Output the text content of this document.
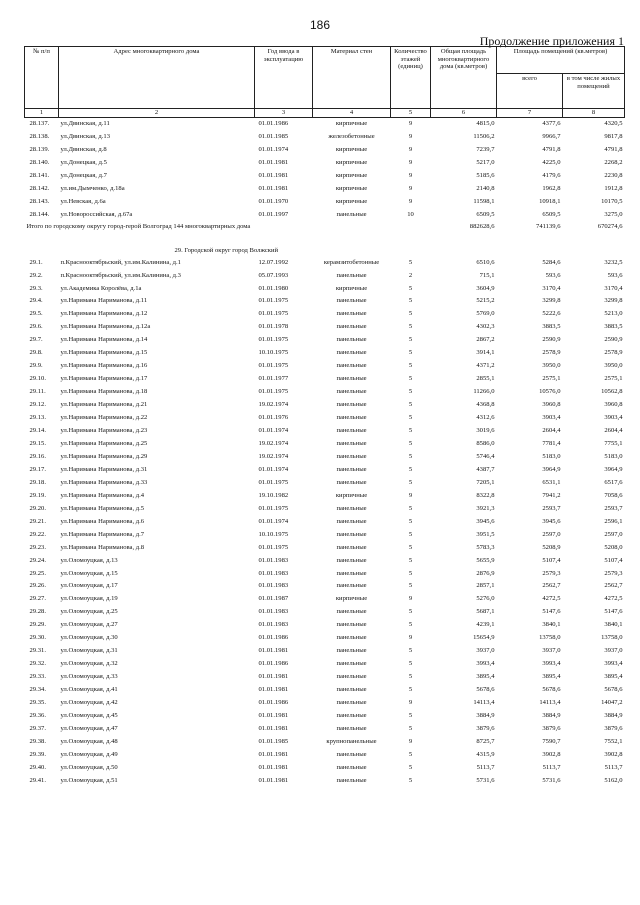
186
Продолжение приложения 1
№ п/п	Адрес многоквартирного дома	Год ввода в эксплуатацию	Материал стен	Количество этажей (единиц)	Общая площадь многоквартирного дома (кв.метров)	Площадь помещений (кв.метров)	
						всего	в том числе жилых помещений
1	2	3	4	5	6	7	8
28.137.	ул.Двинская, д.11	01.01.1986	кирпичные	9	4815,0	4377,6	4320,5
28.138.	ул.Двинская, д.13	01.01.1985	железобетонные	9	11506,2	9966,7	9817,8
28.139.	ул.Двинская, д.8	01.01.1974	кирпичные	9	7239,7	4791,8	4791,8
28.140.	ул.Донецкая, д.5	01.01.1981	кирпичные	9	5217,0	4225,0	2268,2
28.141.	ул.Донецкая, д.7	01.01.1981	кирпичные	9	5185,6	4179,6	2230,8
28.142.	ул.им.Дымченко, д.18а	01.01.1981	кирпичные	9	2140,8	1962,8	1912,8
28.143.	ул.Невская, д.6а	01.01.1970	кирпичные	9	11598,1	10918,1	10170,5
28.144.	ул.Новороссийская, д.67а	01.01.1997	панельные	10	6509,5	6509,5	3275,0
Итого по городскому округу город-герой Волгоград 144 многоквартирных дома					882628,6	741139,6	670274,6
29. Городской округ город Волжский							
29.1.	п.Краснооктябрьский, ул.им.Калинина, д.1	12.07.1992	керамзитобетонные	5	6510,6	5284,6	3232,5
29.2.	п.Краснооктябрьский, ул.им.Калинина, д.3	05.07.1993	панельные	2	715,1	593,6	593,6
29.3.	ул.Академика Королёва, д.1а	01.01.1980	кирпичные	5	3604,9	3170,4	3170,4
29.4.	ул.Наримана Нариманова, д.11	01.01.1975	панельные	5	5215,2	3299,8	3299,8
29.5.	ул.Наримана Нариманова, д.12	01.01.1975	панельные	5	5769,0	5222,6	5213,0
29.6.	ул.Наримана Нариманова, д.12а	01.01.1978	панельные	5	4302,3	3883,5	3883,5
29.7.	ул.Наримана Нариманова, д.14	01.01.1975	панельные	5	2867,2	2590,9	2590,9
29.8.	ул.Наримана Нариманова, д.15	10.10.1975	панельные	5	3914,1	2578,9	2578,9
29.9.	ул.Наримана Нариманова, д.16	01.01.1975	панельные	5	4371,2	3950,0	3950,0
29.10.	ул.Наримана Нариманова, д.17	01.01.1977	панельные	5	2855,1	2575,1	2575,1
29.11.	ул.Наримана Нариманова, д.18	01.01.1975	панельные	5	11266,0	10576,0	10562,8
29.12.	ул.Наримана Нариманова, д.21	19.02.1974	панельные	5	4368,8	3960,8	3960,8
29.13.	ул.Наримана Нариманова, д.22	01.01.1976	панельные	5	4312,6	3903,4	3903,4
29.14.	ул.Наримана Нариманова, д.23	01.01.1974	панельные	5	3019,6	2604,4	2604,4
29.15.	ул.Наримана Нариманова, д.25	19.02.1974	панельные	5	8586,0	7781,4	7755,1
29.16.	ул.Наримана Нариманова, д.29	19.02.1974	панельные	5	5746,4	5183,0	5183,0
29.17.	ул.Наримана Нариманова, д.31	01.01.1974	панельные	5	4387,7	3964,9	3964,9
29.18.	ул.Наримана Нариманова, д.33	01.01.1975	панельные	5	7205,1	6531,1	6517,6
29.19.	ул.Наримана Нариманова, д.4	19.10.1982	кирпичные	9	8322,8	7941,2	7058,6
29.20.	ул.Наримана Нариманова, д.5	01.01.1975	панельные	5	3921,3	2593,7	2593,7
29.21.	ул.Наримана Нариманова, д.6	01.01.1974	панельные	5	3945,6	3945,6	2596,1
29.22.	ул.Наримана Нариманова, д.7	10.10.1975	панельные	5	3951,5	2597,0	2597,0
29.23.	ул.Наримана Нариманова, д.8	01.01.1975	панельные	5	5783,3	5208,9	5208,0
29.24.	ул.Оломоуцкая, д.13	01.01.1983	панельные	5	5655,9	5107,4	5107,4
29.25.	ул.Оломоуцкая, д.15	01.01.1983	панельные	5	2876,9	2579,3	2579,3
29.26.	ул.Оломоуцкая, д.17	01.01.1983	панельные	5	2857,1	2562,7	2562,7
29.27.	ул.Оломоуцкая, д.19	01.01.1987	кирпичные	9	5276,0	4272,5	4272,5
29.28.	ул.Оломоуцкая, д.25	01.01.1983	панельные	5	5687,1	5147,6	5147,6
29.29.	ул.Оломоуцкая, д.27	01.01.1983	панельные	5	4239,1	3840,1	3840,1
29.30.	ул.Оломоуцкая, д.30	01.01.1986	панельные	9	15654,9	13758,0	13758,0
29.31.	ул.Оломоуцкая, д.31	01.01.1981	панельные	5	3937,0	3937,0	3937,0
29.32.	ул.Оломоуцкая, д.32	01.01.1986	панельные	5	3993,4	3993,4	3993,4
29.33.	ул.Оломоуцкая, д.33	01.01.1981	панельные	5	3895,4	3895,4	3895,4
29.34.	ул.Оломоуцкая, д.41	01.01.1981	панельные	5	5678,6	5678,6	5678,6
29.35.	ул.Оломоуцкая, д.42	01.01.1986	панельные	9	14113,4	14113,4	14047,2
29.36.	ул.Оломоуцкая, д.45	01.01.1981	панельные	5	3884,9	3884,9	3884,9
29.37.	ул.Оломоуцкая, д.47	01.01.1981	панельные	5	3879,6	3879,6	3879,6
29.38.	ул.Оломоуцкая, д.48	01.01.1985	крупнопанельные	9	8725,7	7590,7	7552,1
29.39.	ул.Оломоуцкая, д.49	01.01.1981	панельные	5	4315,9	3902,8	3902,8
29.40.	ул.Оломоуцкая, д.50	01.01.1981	панельные	5	5113,7	5113,7	5113,7
29.41.	ул.Оломоуцкая, д.51	01.01.1981	панельные	5	5731,6	5731,6	5162,0
